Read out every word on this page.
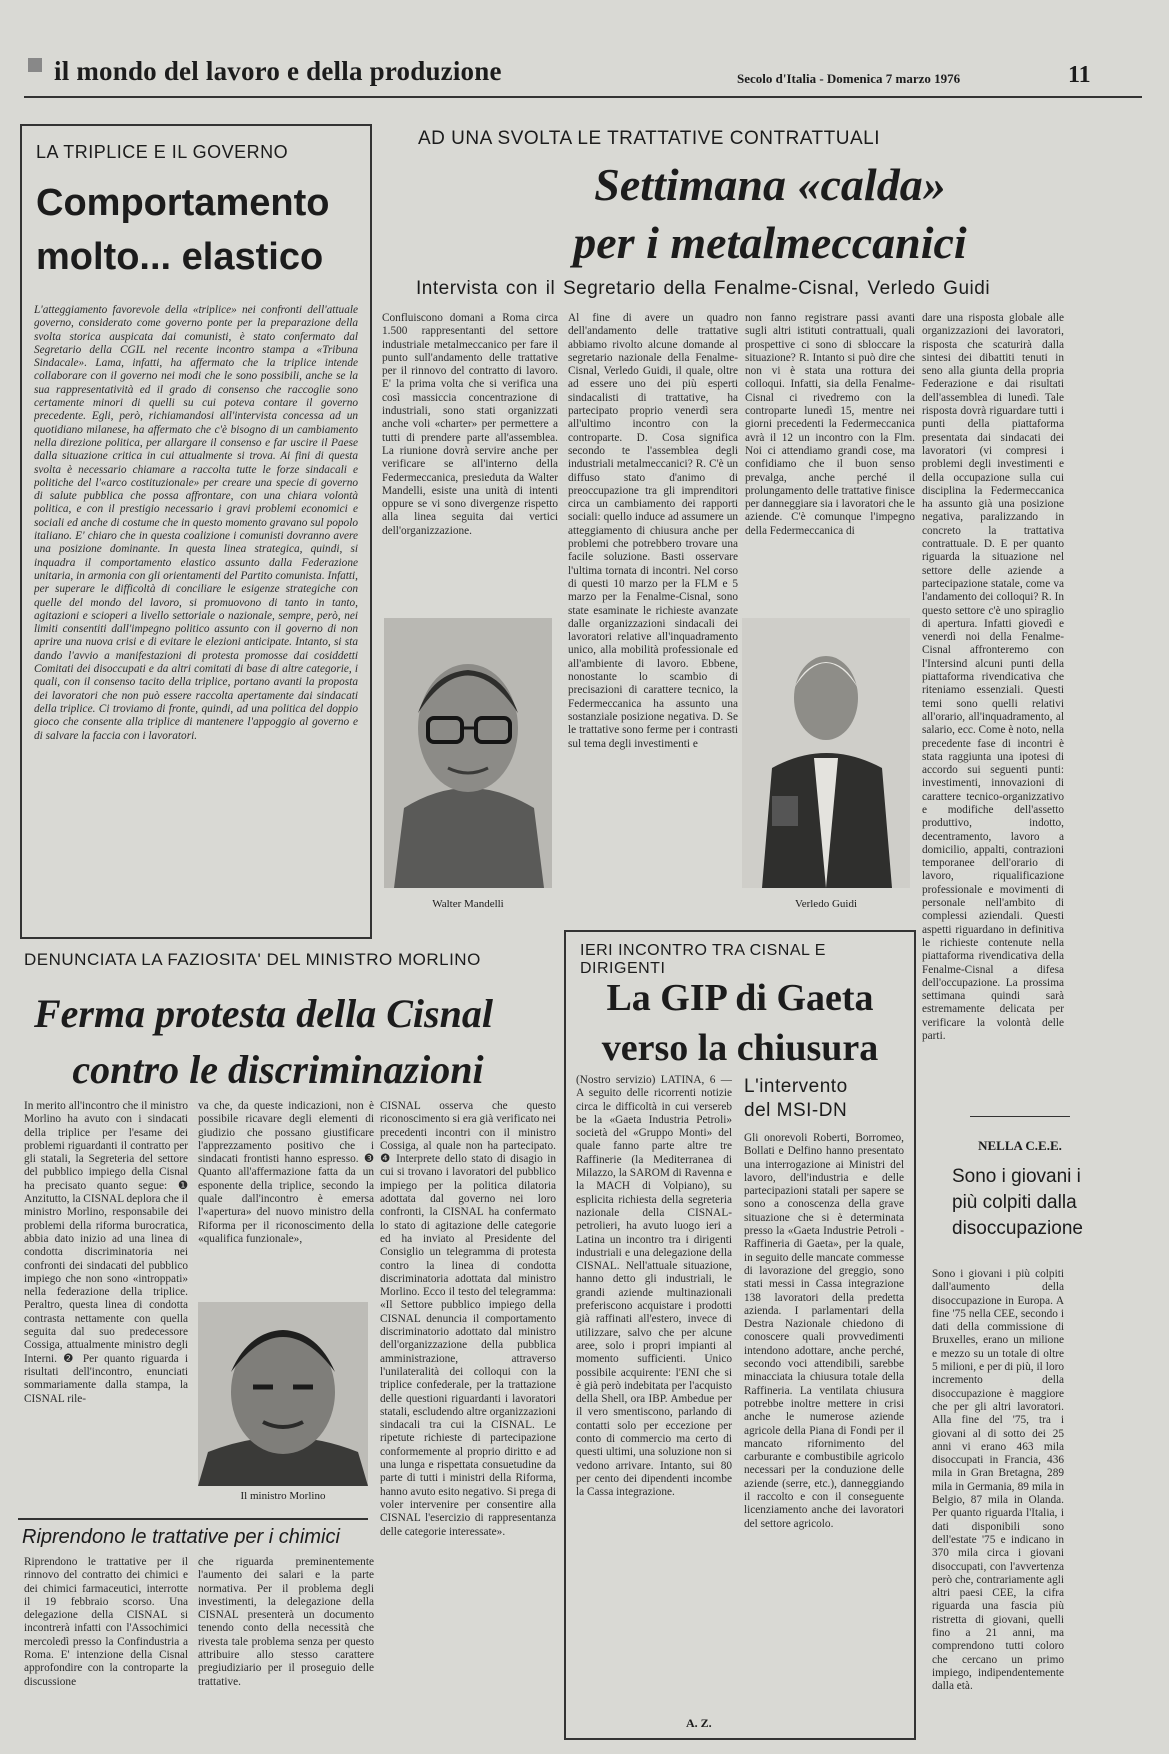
il mondo del lavoro e della produzione	Secolo d'Italia - Domenica 7 marzo 1976	11
LA TRIPLICE E IL GOVERNO
Comportamento
molto... elastico
L'atteggiamento favorevole della «triplice» nei confronti dell'attuale governo, considerato come governo ponte per la preparazione della svolta storica auspicata dai comunisti, è stato confermato dal Segretario della CGIL nel recente incontro stampa a «Tribuna Sindacale». Lama, infatti, ha affermato che la triplice intende collaborare con il governo nei modi che le sono possibili, anche se la sua rappresentatività ed il grado di consenso che raccoglie sono certamente minori di quelli su cui poteva contare il governo precedente. Egli, però, richiamandosi all'intervista concessa ad un quotidiano milanese, ha affermato che c'è bisogno di un cambiamento nella direzione politica, per allargare il consenso e far uscire il Paese dalla situazione critica in cui attualmente si trova. Ai fini di questa svolta è necessario chiamare a raccolta tutte le forze sindacali e politiche del l'«arco costituzionale» per creare una specie di governo di salute pubblica che possa affrontare, con una chiara volontà politica, e con il prestigio necessario i gravi problemi economici e sociali ed anche di costume che in questo momento gravano sul popolo italiano. E' chiaro che in questa coalizione i comunisti dovranno avere una posizione dominante. In questa linea strategica, quindi, si inquadra il comportamento elastico assunto dalla Federazione unitaria, in armonia con gli orientamenti del Partito comunista. Infatti, per superare le difficoltà di conciliare le esigenze strategiche con quelle del mondo del lavoro, si promuovono di tanto in tanto, agitazioni e scioperi a livello settoriale o nazionale, sempre, però, nei limiti consentiti dall'impegno politico assunto con il governo di non aprire una nuova crisi e di evitare le elezioni anticipate. Intanto, si sta dando l'avvio a manifestazioni di protesta promosse dai cosiddetti Comitati dei disoccupati e da altri comitati di base di altre categorie, i quali, con il consenso tacito della triplice, portano avanti la proposta dei lavoratori che non può essere raccolta apertamente dai sindacati della triplice. Ci troviamo di fronte, quindi, ad una politica del doppio gioco che consente alla triplice di mantenere l'appoggio al governo e di salvare la faccia con i lavoratori.
AD UNA SVOLTA LE TRATTATIVE CONTRATTUALI
Settimana «calda»
per i metalmeccanici
Intervista con il Segretario della Fenalme-Cisnal, Verledo Guidi
Confluiscono domani a Roma circa 1.500 rappresentanti del settore industriale metalmeccanico per fare il punto sull'andamento delle trattative per il rinnovo del contratto di lavoro. E' la prima volta che si verifica una così massiccia concentrazione di industriali, sono stati organizzati anche voli «charter» per permettere a tutti di prendere parte all'assemblea. La riunione dovrà servire anche per verificare se all'interno della Federmeccanica, presieduta da Walter Mandelli, esiste una unità di intenti oppure se vi sono divergenze rispetto alla linea seguita dai vertici dell'organizzazione.
Al fine di avere un quadro dell'andamento delle trattative abbiamo rivolto alcune domande al segretario nazionale della Fenalme-Cisnal, Verledo Guidi, il quale, oltre ad essere uno dei più esperti sindacalisti di trattative, ha partecipato proprio venerdì sera all'ultimo incontro con la controparte. D. Cosa significa secondo te l'assemblea degli industriali metalmeccanici? R. C'è un diffuso stato d'animo di preoccupazione tra gli imprenditori circa un cambiamento dei rapporti sociali: quello induce ad assumere un atteggiamento di chiusura anche per problemi che potrebbero trovare una facile soluzione. Basti osservare l'ultima tornata di incontri. Nel corso di questi 10 marzo per la FLM e 5 marzo per la Fenalme-Cisnal, sono state esaminate le richieste avanzate dalle organizzazioni sindacali dei lavoratori relative all'inquadramento unico, alla mobilità professionale ed all'ambiente di lavoro. Ebbene, nonostante lo scambio di precisazioni di carattere tecnico, la Federmeccanica ha assunto una sostanziale posizione negativa. D. Se le trattative sono ferme per i contrasti sul tema degli investimenti e
non fanno registrare passi avanti sugli altri istituti contrattuali, quali prospettive ci sono di sbloccare la situazione? R. Intanto si può dire che non vi è stata una rottura dei colloqui. Infatti, sia della Fenalme-Cisnal ci rivedremo con la controparte lunedì 15, mentre nei giorni precedenti la Federmeccanica avrà il 12 un incontro con la Flm. Noi ci attendiamo grandi cose, ma confidiamo che il buon senso prevalga, anche perché il prolungamento delle trattative finisce per danneggiare sia i lavoratori che le aziende. C'è comunque l'impegno della Federmeccanica di
dare una risposta globale alle organizzazioni dei lavoratori, risposta che scaturirà dalla sintesi dei dibattiti tenuti in seno alla giunta della propria Federazione e dai risultati dell'assemblea di lunedì. Tale risposta dovrà riguardare tutti i punti della piattaforma presentata dai sindacati dei lavoratori (vi compresi i problemi degli investimenti e della occupazione sulla cui disciplina la Federmeccanica ha assunto già una posizione negativa, paralizzando in concreto la trattativa contrattuale. D. E per quanto riguarda la situazione nel settore delle aziende a partecipazione statale, come va l'andamento dei colloqui? R. In questo settore c'è uno spiraglio di apertura. Infatti giovedì e venerdì noi della Fenalme-Cisnal affronteremo con l'Intersind alcuni punti della piattaforma rivendicativa che riteniamo essenziali. Questi temi sono quelli relativi all'orario, all'inquadramento, al salario, ecc. Come è noto, nella precedente fase di incontri è stata raggiunta una ipotesi di accordo sui seguenti punti: investimenti, innovazioni di carattere tecnico-organizzativo e modifiche dell'assetto produttivo, indotto, decentramento, lavoro a domicilio, appalti, contrazioni temporanee dell'orario di lavoro, riqualificazione professionale e movimenti di personale nell'ambito di complessi aziendali. Questi aspetti riguardano in definitiva le richieste contenute nella piattaforma rivendicativa della Fenalme-Cisnal a difesa dell'occupazione. La prossima settimana quindi sarà estremamente delicata per verificare la volontà delle parti.
Walter Mandelli	Verledo Guidi
DENUNCIATA LA FAZIOSITA' DEL MINISTRO MORLINO
Ferma protesta della Cisnal
contro le discriminazioni
In merito all'incontro che il ministro Morlino ha avuto con i sindacati della triplice per l'esame dei problemi riguardanti il contratto per gli statali, la Segreteria del settore del pubblico impiego della Cisnal ha precisato quanto segue: ❶ Anzitutto, la CISNAL deplora che il ministro Morlino, responsabile dei problemi della riforma burocratica, abbia dato inizio ad una linea di condotta discriminatoria nei confronti dei sindacati del pubblico impiego che non sono «introppati» nella federazione della triplice. Peraltro, questa linea di condotta contrasta nettamente con quella seguita dal suo predecessore Cossiga, attualmente ministro degli Interni. ❷ Per quanto riguarda i risultati dell'incontro, enunciati sommariamente dalla stampa, la CISNAL rile-
va che, da queste indicazioni, non è possibile ricavare degli elementi di giudizio che possano giustificare l'apprezzamento positivo che i sindacati frontisti hanno espresso. ❸ Quanto all'affermazione fatta da un esponente della triplice, secondo la quale dall'incontro è emersa l'«apertura» del nuovo ministro della Riforma per il riconoscimento della «qualifica funzionale»,
CISNAL osserva che questo riconoscimento si era già verificato nei precedenti incontri con il ministro Cossiga, al quale non ha partecipato. ❹ Interprete dello stato di disagio in cui si trovano i lavoratori del pubblico impiego per la politica dilatoria adottata dal governo nei loro confronti, la CISNAL ha confermato lo stato di agitazione delle categorie ed ha inviato al Presidente del Consiglio un telegramma di protesta contro la linea di condotta discriminatoria adottata dal ministro Morlino. Ecco il testo del telegramma: «Il Settore pubblico impiego della CISNAL denuncia il comportamento discriminatorio adottato dal ministro dell'organizzazione della pubblica amministrazione, attraverso l'unilateralità dei colloqui con la triplice confederale, per la trattazione delle questioni riguardanti i lavoratori statali, escludendo altre organizzazioni sindacali tra cui la CISNAL. Le ripetute richieste di partecipazione conformemente al proprio diritto e ad una lunga e rispettata consuetudine da parte di tutti i ministri della Riforma, hanno avuto esito negativo. Si prega di voler intervenire per consentire alla CISNAL l'esercizio di rappresentanza delle categorie interessate».
Il ministro Morlino
Riprendono le trattative per i chimici
Riprendono le trattative per il rinnovo del contratto dei chimici e dei chimici farmaceutici, interrotte il 19 febbraio scorso. Una delegazione della CISNAL si incontrerà infatti con l'Assochimici mercoledì presso la Confindustria a Roma. E' intenzione della Cisnal approfondire con la controparte la discussione
che riguarda preminentemente l'aumento dei salari e la parte normativa. Per il problema degli investimenti, la delegazione della CISNAL presenterà un documento tenendo conto della necessità che rivesta tale problema senza per questo attribuire allo stesso carattere pregiudiziario per il proseguio delle trattative.
IERI INCONTRO TRA CISNAL E DIRIGENTI
La GIP di Gaeta
verso la chiusura
(Nostro servizio) LATINA, 6 — A seguito delle ricorrenti notizie circa le difficoltà in cui versereb be la «Gaeta Industria Petroli» società del «Gruppo Monti» del quale fanno parte altre tre Raffinerie (la Mediterranea di Milazzo, la SAROM di Ravenna e la MACH di Volpiano), su esplicita richiesta della segreteria nazionale della CISNAL-petrolieri, ha avuto luogo ieri a Latina un incontro tra i dirigenti industriali e una delegazione della CISNAL. Nell'attuale situazione, hanno detto gli industriali, le grandi aziende multinazionali preferiscono acquistare i prodotti già raffinati all'estero, invece di utilizzare, salvo che per alcune aree, solo i propri impianti al momento sufficienti. Unico possibile acquirente: l'ENI che si è già però indebitata per l'acquisto della Shell, ora IBP. Ambedue per il vero smentiscono, parlando di contatti solo per eccezione per conto di commercio ma certo di questi ultimi, una soluzione non si vedono arrivare. Intanto, sui 80 per cento dei dipendenti incombe la Cassa integrazione.
A. Z.
L'intervento
del MSI-DN
Gli onorevoli Roberti, Borromeo, Bollati e Delfino hanno presentato una interrogazione ai Ministri del lavoro, dell'industria e delle partecipazioni statali per sapere se sono a conoscenza della grave situazione che si è determinata presso la «Gaeta Industrie Petroli - Raffineria di Gaeta», per la quale, in seguito delle mancate commesse di lavorazione del greggio, sono stati messi in Cassa integrazione 138 lavoratori della predetta azienda. I parlamentari della Destra Nazionale chiedono di conoscere quali provvedimenti intendono adottare, anche perché, secondo voci attendibili, sarebbe minacciata la chiusura totale della Raffineria. La ventilata chiusura potrebbe inoltre mettere in crisi anche le numerose aziende agricole della Piana di Fondi per il mancato rifornimento del carburante e combustibile agricolo necessari per la conduzione delle aziende (serre, etc.), danneggiando il raccolto e con il conseguente licenziamento anche dei lavoratori del settore agricolo.
NELLA C.E.E.
Sono i giovani i più colpiti dalla disoccupazione
Sono i giovani i più colpiti dall'aumento della disoccupazione in Europa. A fine '75 nella CEE, secondo i dati della commissione di Bruxelles, erano un milione e mezzo su un totale di oltre 5 milioni, e per di più, il loro incremento della disoccupazione è maggiore che per gli altri lavoratori. Alla fine del '75, tra i giovani al di sotto dei 25 anni vi erano 463 mila disoccupati in Francia, 436 mila in Gran Bretagna, 289 mila in Germania, 89 mila in Belgio, 87 mila in Olanda. Per quanto riguarda l'Italia, i dati disponibili sono dell'estate '75 e indicano in 370 mila circa i giovani disoccupati, con l'avvertenza però che, contrariamente agli altri paesi CEE, la cifra riguarda una fascia più ristretta di giovani, quelli fino a 21 anni, ma comprendono tutti coloro che cercano un primo impiego, indipendentemente dalla età.
